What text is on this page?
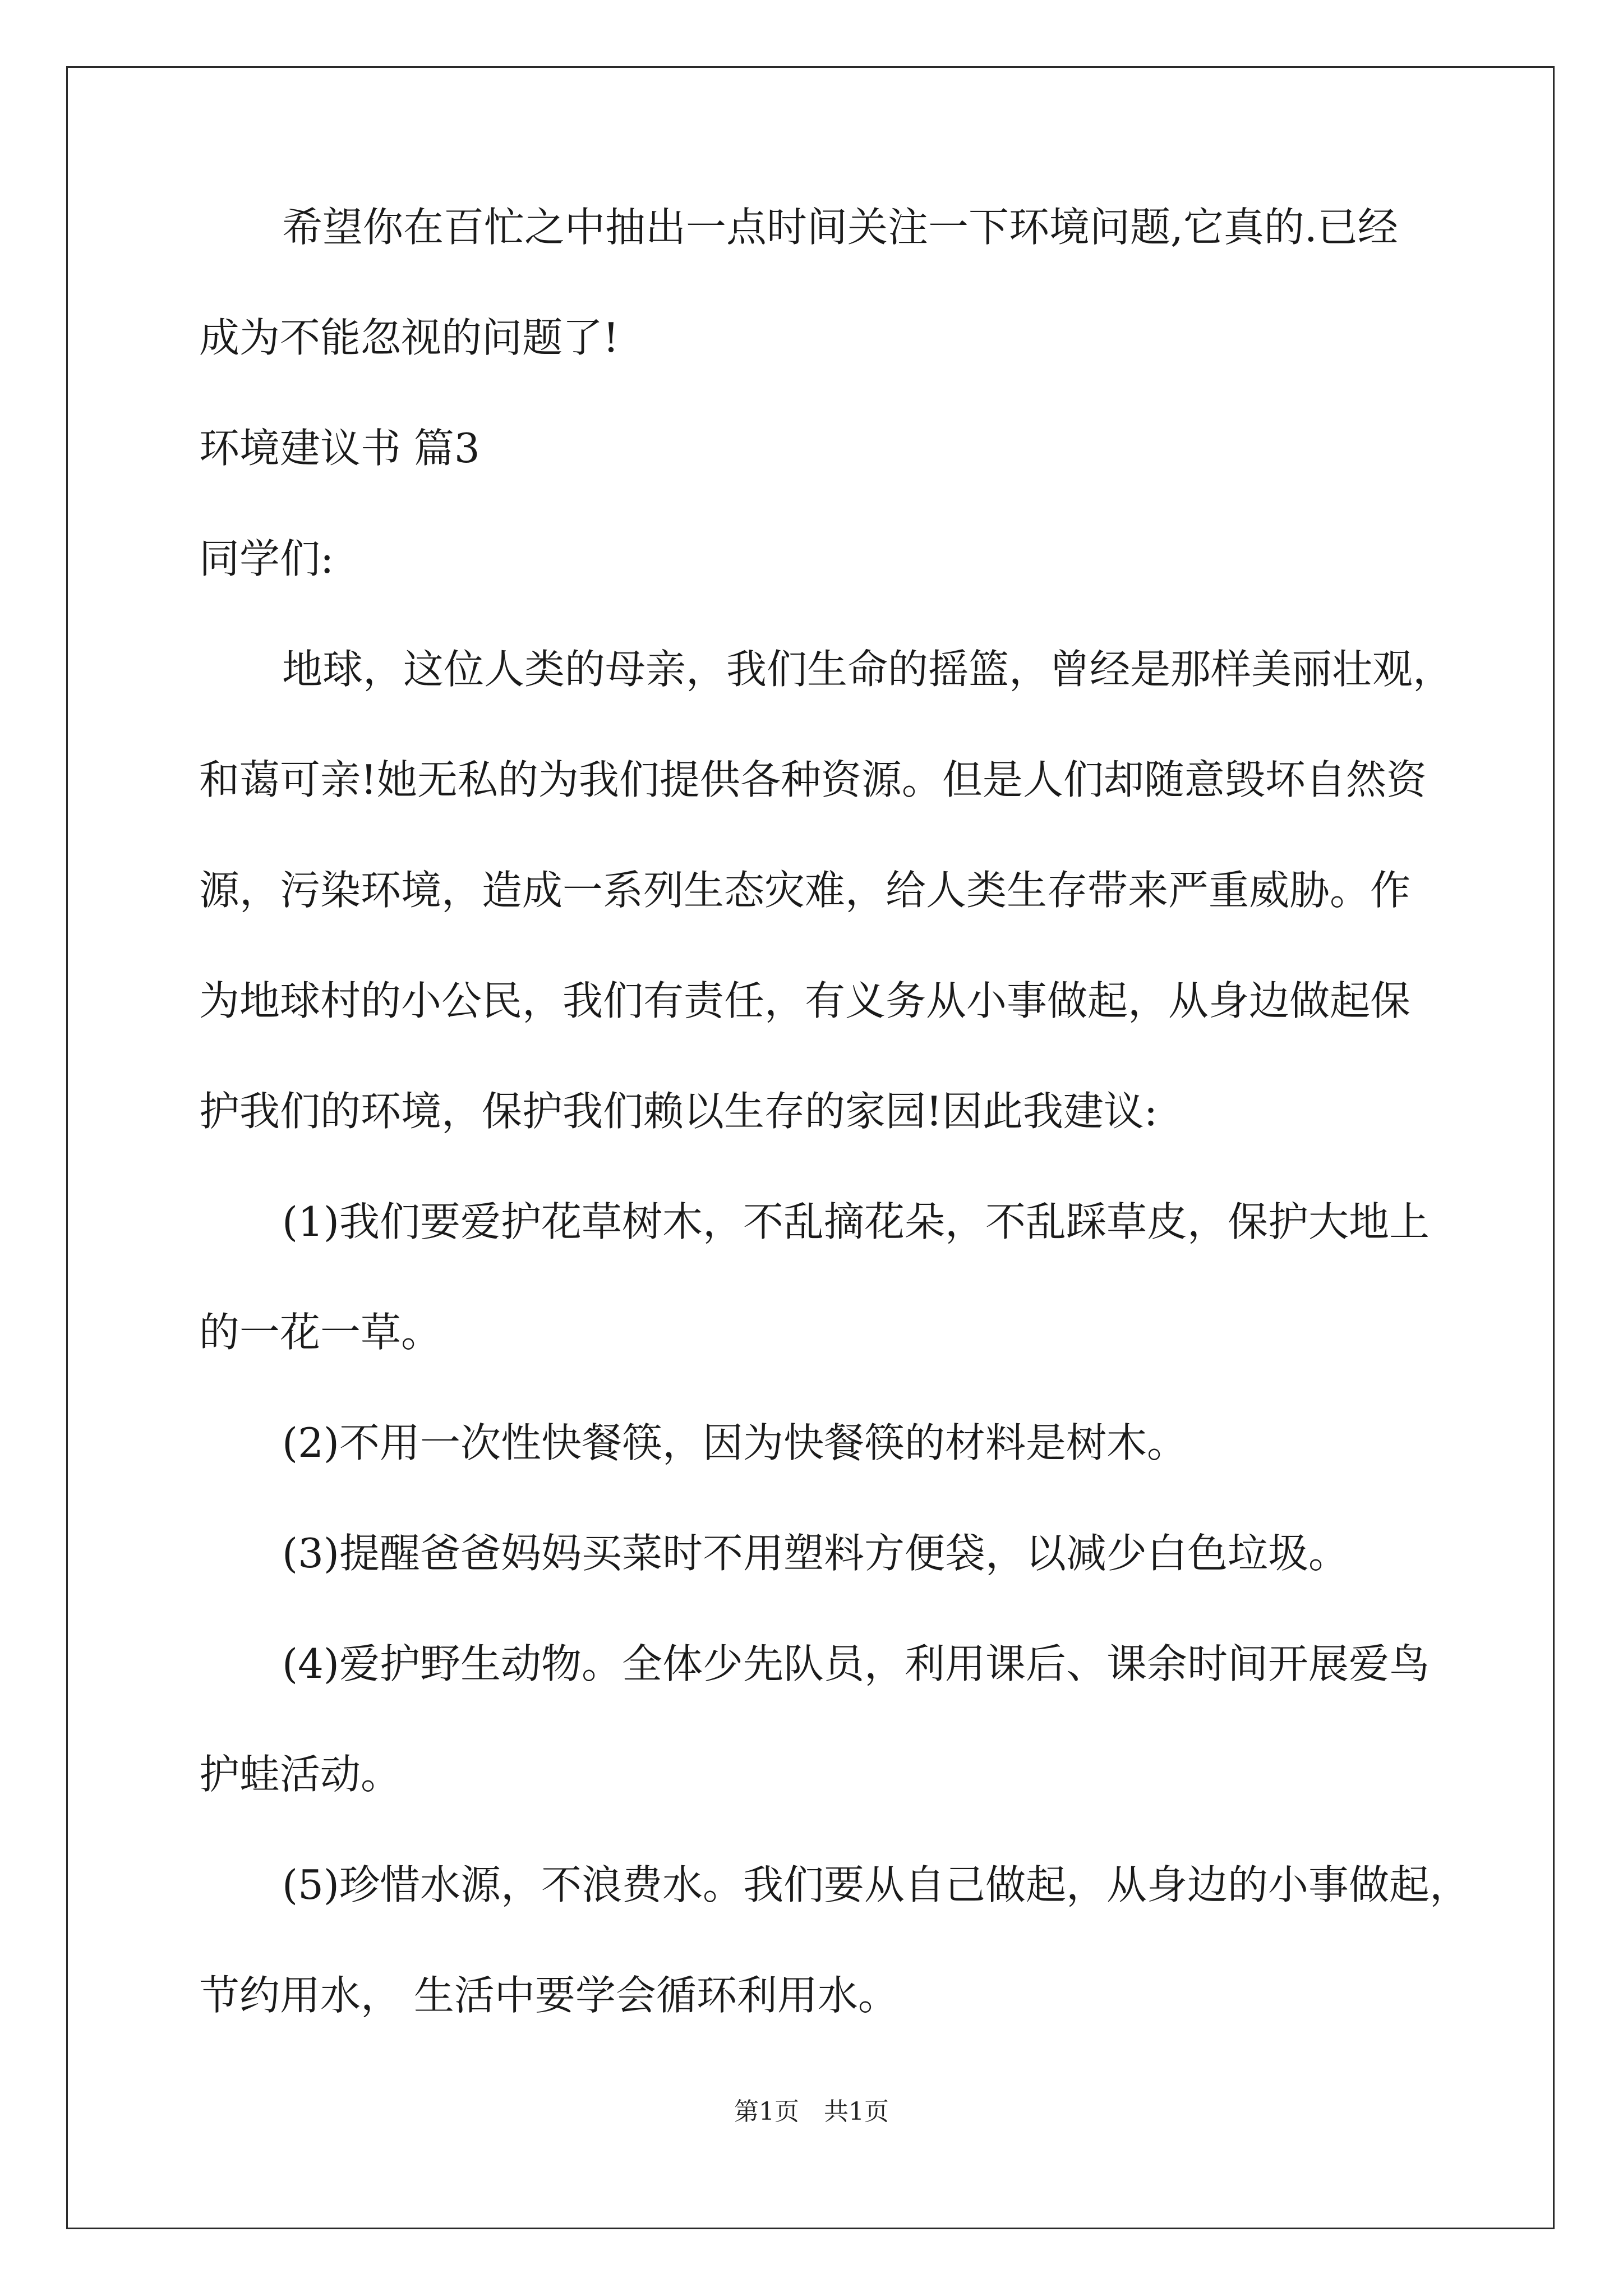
希望你在百忙之中抽出一点时间关注一下环境问题,它真的.已经
成为不能忽视的问题了!
环境建议书 篇3
同学们:
地球，这位人类的母亲，我们生命的摇篮，曾经是那样美丽壮观，
和蔼可亲!她无私的为我们提供各种资源。但是人们却随意毁坏自然资
源，污染环境，造成一系列生态灾难，给人类生存带来严重威胁。作
为地球村的小公民，我们有责任，有义务从小事做起，从身边做起保
护我们的环境，保护我们赖以生存的家园!因此我建议:
(1)我们要爱护花草树木，不乱摘花朵，不乱踩草皮，保护大地上
的一花一草。
(2)不用一次性快餐筷，因为快餐筷的材料是树木。
(3)提醒爸爸妈妈买菜时不用塑料方便袋，以减少白色垃圾。
(4)爱护野生动物。全体少先队员，利用课后、课余时间开展爱鸟
护蛙活动。
(5)珍惜水源，不浪费水。我们要从自己做起，从身边的小事做起，
节约用水， 生活中要学会循环利用水。
第1页　共1页
